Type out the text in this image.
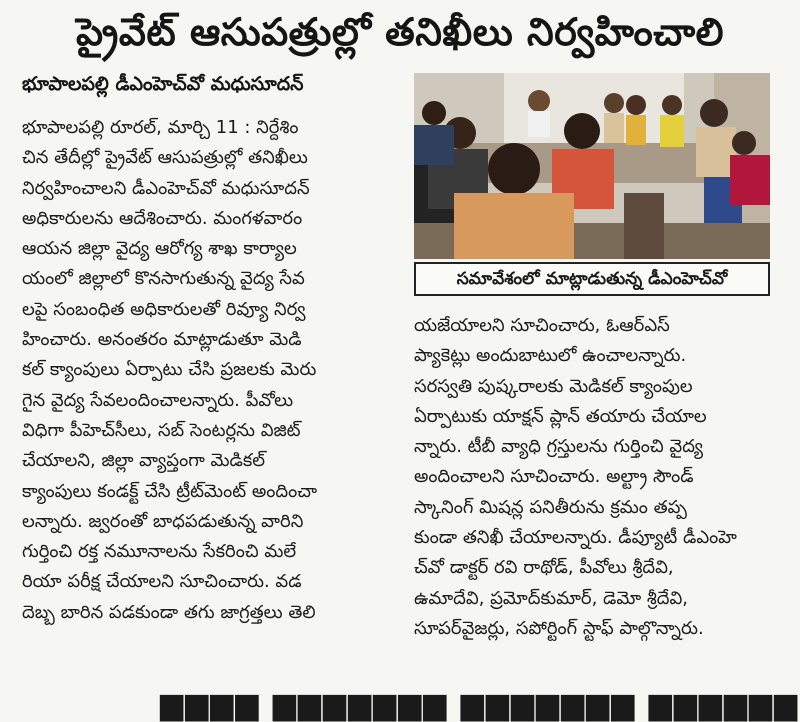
ప్రైవేట్ ఆసుపత్రుల్లో తనిఖీలు నిర్వహించాలి
భూపాలపల్లి డీఎంహెచ్‌వో మధుసూదన్
భూపాలపల్లి రూరల్, మార్చి 11 : నిర్దేశిం
చిన తేదీల్లో ప్రైవేట్ ఆసుపత్రుల్లో తనిఖీలు
నిర్వహించాలని డీఎంహెచ్‌వో మధుసూదన్
అధికారులను ఆదేశించారు. మంగళవారం
ఆయన జిల్లా వైద్య ఆరోగ్య శాఖ కార్యాల
యంలో జిల్లాలో కొనసాగుతున్న వైద్య సేవ
లపై సంబంధిత అధికారులతో రివ్యూ నిర్వ
హించారు. అనంతరం మాట్లాడుతూ మెడి
కల్ క్యాంపులు ఏర్పాటు చేసి ప్రజలకు మెరు
గైన వైద్య సేవలందించాలన్నారు. పీవోలు
విధిగా పీహెచ్‌సీలు, సబ్ సెంటర్లను విజిట్
చేయాలని, జిల్లా వ్యాప్తంగా మెడికల్
క్యాంపులు కండక్ట్ చేసి ట్రీట్‌మెంట్ అందించా
లన్నారు. జ్వరంతో బాధపడుతున్న వారిని
గుర్తించి రక్త నమూనాలను సేకరించి మలే
రియా పరీక్ష చేయాలని సూచించారు. వడ
దెబ్బ బారిన పడకుండా తగు జాగ్రత్తలు తెలి
సమావేశంలో మాట్లాడుతున్న డీఎంహెచ్‌వో
యజేయాలని సూచించారు, ఓఆర్‌ఎస్
ప్యాకెట్లు అందుబాటులో ఉంచాలన్నారు.
సరస్వతి పుష్కరాలకు మెడికల్ క్యాంపుల
ఏర్పాటుకు యాక్షన్ ప్లాన్ తయారు చేయాల
న్నారు. టీబీ వ్యాధి గ్రస్తులను గుర్తించి వైద్య
అందించాలని సూచించారు. అల్ట్రా సౌండ్
స్కానింగ్ మిషన్ల పనితీరును క్రమం తప్ప
కుండా తనిఖీ చేయాలన్నారు. డీప్యూటీ డీఎంహె
చ్‌వో డాక్టర్ రవి రాథోడ్, పీవోలు శ్రీదేవి,
ఉమాదేవి, ప్రమోద్‌కుమార్, డెమో శ్రీదేవి,
సూపర్‌వైజర్లు, సపోర్టింగ్ స్టాఫ్ పాల్గొన్నారు.
▆▆▆▆ ▆▆▆▆▆▆▆ ▆▆▆▆▆▆▆ ▆▆▆▆▆▆
